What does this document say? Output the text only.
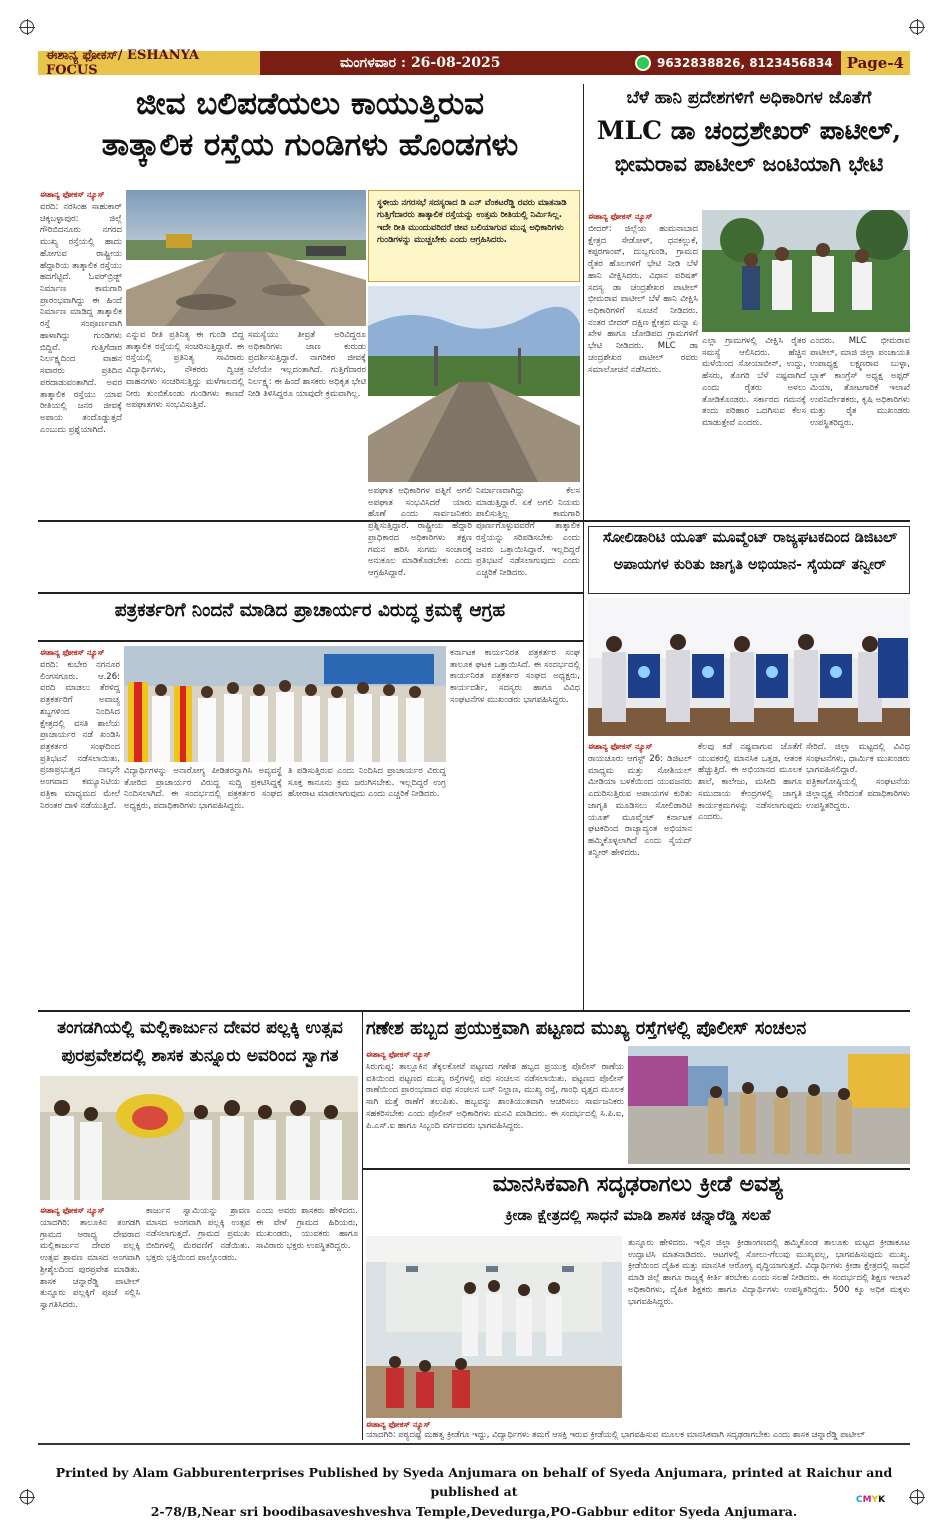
ಈಶಾನ್ಯ ಫೋಕಸ್/ ESHANYA FOCUS	ಮಂಗಳವಾರ : 26-08-2025	9632838826, 8123456834 Page-4
ಜೀವ ಬಲಿಪಡೆಯಲು ಕಾಯುತ್ತಿರುವ
ತಾತ್ಕಾಲಿಕ ರಸ್ತೆಯ ಗುಂಡಿಗಳು ಹೊಂಡಗಳು
ಈಶಾನ್ಯ ಫೋಕಸ್ ನ್ಯೂಸ್
ವರದಿ: ನರಸಿಂಹ ಸಾಹುಕಾರ್ ಚಿಕ್ಕಬಳ್ಳಾಪುರ: ಜಿಲ್ಲೆ ಗೌರಿಬಿದನೂರು ನಗರದ ಮುಖ್ಯ ರಸ್ತೆಯಲ್ಲಿ ಹಾದು ಹೋಗುವ ರಾಷ್ಟ್ರೀಯ ಹೆದ್ದಾರಿಯ ತಾತ್ಕಾಲಿಕ ರಸ್ತೆಯು ಹದಗೆಟ್ಟಿದೆ. ಓವರ್‌ಬ್ರಿಡ್ಜ್ ನಿರ್ಮಾಣ ಕಾಮಗಾರಿ ಪ್ರಾರಂಭವಾಗಿದ್ದು ಈ ಹಿಂದೆ ನಿರ್ಮಾಣ ಮಾಡಿದ್ದ ತಾತ್ಕಾಲಿಕ ರಸ್ತೆ ಸಂಪೂರ್ಣವಾಗಿ ಹಾಳಾಗಿದ್ದು ಗುಂಡಿಗಳು ಬಿದ್ದಿವೆ. ಗುತ್ತಿಗೆದಾರ ನಿರ್ಲಕ್ಷ್ಯದಿಂದ ವಾಹನ ಸವಾರರು ಪ್ರತಿದಿನ ಪರದಾಡುವಂತಾಗಿದೆ. ಅವರ ತಾತ್ಕಾಲಿಕ ರಸ್ತೆಯು ಯಾವ ರೀತಿಯಲ್ಲಿ ಜನರ ಜೀವಕ್ಕೆ ಅಪಾಯ ತಂದೊಡ್ಡುತ್ತದೆ ಎಂಬುದು ಪ್ರಶ್ನೆಯಾಗಿದೆ.
ಎನ್ನುವ ರೀತಿ ಪ್ರತಿನಿತ್ಯ ಈ ಗುಂಡಿ ಬಿದ್ದ ತಾತ್ಕಾಲಿಕ ರಸ್ತೆಯಲ್ಲಿ ಸಂಚರಿಸುತ್ತಿದ್ದಾರೆ. ಈ ರಸ್ತೆಯಲ್ಲಿ ಪ್ರತಿನಿತ್ಯ ಸಾವಿರಾರು ವಿದ್ಯಾರ್ಥಿಗಳು, ನೌಕರರು ದ್ವಿಚಕ್ರ ವಾಹನಗಳು ಸಂಚರಿಸುತ್ತಿದ್ದು ಮಳೆಗಾಲದಲ್ಲಿ ನೀರು ತುಂಬಿಕೊಂಡು ಗುಂಡಿಗಳು ಕಾಣದೆ ಅಪಘಾತಗಳು ಸಂಭವಿಸುತ್ತಿವೆ.
ಸಮಸ್ಯೆಯು ತೀವ್ರತೆ ಅರಿವಿದ್ದರೂ ಅಧಿಕಾರಿಗಳು ಜಾಣ ಕುರುಡು ಪ್ರದರ್ಶಿಸುತ್ತಿದ್ದಾರೆ. ನಾಗರಿಕರ ಜೀವಕ್ಕೆ ಬೆಲೆಯೇ ಇಲ್ಲದಂತಾಗಿದೆ. ಗುತ್ತಿಗೆದಾರರ ನಿರ್ಲಕ್ಷ್ಯ: ಈ ಹಿಂದೆ ಶಾಸಕರು ಅಧಿಕೃತ ಭೇಟಿ ನೀಡಿ ತಿಳಿಸಿದ್ದರೂ ಯಾವುದೇ ಕ್ರಮವಾಗಿಲ್ಲ.
ಸ್ಥಳೀಯ ನಗರಸಭೆ ಸದಸ್ಯರಾದ ಡಿ ಎನ್ ವೆಂಕಟರೆಡ್ಡಿ ರವರು ಮಾತನಾಡಿ ಗುತ್ತಿಗೆದಾರರು ತಾತ್ಕಾಲಿಕ ರಸ್ತೆಯನ್ನು ಉತ್ತಮ ರೀತಿಯಲ್ಲಿ ನಿರ್ಮಿಸಿಲ್ಲ. ಇದೇ ರೀತಿ ಮುಂದುವರಿದರೆ ಜೀವ ಬಲಿಯಾಗುವ ಮುನ್ನ ಅಧಿಕಾರಿಗಳು ಗುಂಡಿಗಳನ್ನು ಮುಚ್ಚಬೇಕು ಎಂದು ಆಗ್ರಹಿಸಿದರು.
ಅಪಘಾತ ಅಧಿಕಾರಿಗಳ ಪತ್ನಿಗೆ ಅಗಲಿ ಅಪಘಾತ ಸಂಭವಿಸಿದರೆ ಯಾರು ಹೊಣೆ ಎಂದು ಸಾರ್ವಜನಿಕರು ಪ್ರಶ್ನಿಸುತ್ತಿದ್ದಾರೆ. ರಾಷ್ಟ್ರೀಯ ಹೆದ್ದಾರಿ ಪ್ರಾಧಿಕಾರದ ಅಧಿಕಾರಿಗಳು ತಕ್ಷಣ ಗಮನ ಹರಿಸಿ ಸುಗಮ ಸಂಚಾರಕ್ಕೆ ಅನುಕೂಲ ಮಾಡಿಕೊಡಬೇಕು ಎಂದು ಆಗ್ರಹಿಸಿದ್ದಾರೆ.
ನಿರ್ಮಾಣವಾಗಿದ್ದು ಕೆಲಸ ಮಾಡುತ್ತಿದ್ದಾರೆ. ಏಕೆ ಅಗಲಿ ನಿಯಮ ಪಾಲಿಸುತ್ತಿಲ್ಲ ಕಾಮಗಾರಿ ಪೂರ್ಣಗೊಳ್ಳುವವರೆಗೆ ತಾತ್ಕಾಲಿಕ ರಸ್ತೆಯನ್ನು ಸರಿಪಡಿಸಬೇಕು ಎಂದು ಜನರು ಒತ್ತಾಯಿಸಿದ್ದಾರೆ. ಇಲ್ಲದಿದ್ದರೆ ಪ್ರತಿಭಟನೆ ನಡೆಸಲಾಗುವುದು ಎಂದು ಎಚ್ಚರಿಕೆ ನೀಡಿದರು.
ಬೆಳೆ ಹಾನಿ ಪ್ರದೇಶಗಳಿಗೆ ಅಧಿಕಾರಿಗಳ ಜೊತೆಗೆ
MLC ಡಾ ಚಂದ್ರಶೇಖರ್ ಪಾಟೀಲ್,
ಭೀಮರಾವ ಪಾಟೀಲ್ ಜಂಟಿಯಾಗಿ ಭೇಟಿ
ಈಶಾನ್ಯ ಫೋಕಸ್ ನ್ಯೂಸ್
ಬೀದರ್: ಜಿಲ್ಲೆಯ ಹುಮನಾಬಾದ ಕ್ಷೇತ್ರದ ಸೇಡೋಳ್, ಧನಕಲ್ಲುಕೆ, ಕಪ್ಪರಗಾಂವ್, ದುಬ್ಲಗುಂಡಿ, ಗ್ರಾಮದ ರೈತರ ಹೊಲಗಳಿಗೆ ಭೇಟಿ ನೀಡಿ ಬೆಳೆ ಹಾನಿ ವೀಕ್ಷಿಸಿದರು. ವಿಧಾನ ಪರಿಷತ್ ಸದಸ್ಯ ಡಾ ಚಂದ್ರಶೇಖರ ಪಾಟೀಲ್ ಭೀಮರಾವ ಪಾಟೀಲ್ ಬೆಳೆ ಹಾನಿ ವೀಕ್ಷಿಸಿ ಅಧಿಕಾರಿಗಳಿಗೆ ಸೂಚನೆ ನೀಡಿದರು. ನಂತರ ಬೀದರ್ ದಕ್ಷಿಣ ಕ್ಷೇತ್ರದ ಮನ್ನಾ ಏ ಖೇಳ ಹಾಗೂ ಜೋಡಿಪದ ಗ್ರಾಮಗಳಿಗೆ ಭೇಟಿ ನೀಡಿದರು. MLC ಡಾ ಚಂದ್ರಶೇಖರ ಪಾಟೀಲ್ ರವರು ಸಮಾಲೋಚನೆ ನಡೆಸಿದರು.
ಎಲ್ಲಾ ಗ್ರಾಮಗಳಲ್ಲಿ ವೀಕ್ಷಿಸಿ ರೈತರ ಸಮಸ್ಯೆ ಆಲಿಸಿದರು. ಹೆಚ್ಚಿನ ಮಳೆಯಿಂದ ಸೋಯಾಬೀನ್, ಉದ್ದು, ಹೆಸರು, ತೊಗರಿ ಬೆಳೆ ನಷ್ಟವಾಗಿದೆ ಎಂದು ರೈತರು ಅಳಲು ತೋಡಿಕೊಂಡರು. ಸರ್ಕಾರದ ಗಮನಕ್ಕೆ ತಂದು ಪರಿಹಾರ ಒದಗಿಸುವ ಕೆಲಸ ಮಾಡುತ್ತೇವೆ ಎಂದರು.
ಎಂದರು. MLC ಭೀಮರಾವ ಪಾಟೀಲ್, ಮಾಜಿ ಜಿಲ್ಲಾ ಪಂಚಾಯತಿ ಉಪಾಧ್ಯಕ್ಷ ಲಕ್ಷ್ಮಣರಾವ ಬುಳ್ಳಾ, ಬ್ಲಾಕ್ ಕಾಂಗ್ರೆಸ್ ಅಧ್ಯಕ್ಷ ಅಫ್ಸರ್ ಮಿಯಾ, ತೋಟಗಾರಿಕೆ ಇಲಾಖೆ ಉಪನಿರ್ದೇಶಕರು, ಕೃಷಿ ಅಧಿಕಾರಿಗಳು ಮತ್ತು ರೈತ ಮುಖಂಡರು ಉಪಸ್ಥಿತರಿದ್ದರು.
ಪತ್ರಕರ್ತರಿಗೆ ನಿಂದನೆ ಮಾಡಿದ ಪ್ರಾಚಾರ್ಯರ ವಿರುದ್ಧ ಕ್ರಮಕ್ಕೆ ಆಗ್ರಹ
ಈಶಾನ್ಯ ಫೋಕಸ್ ನ್ಯೂಸ್
ವರದಿ: ಕುಬೇರ ನಗನೂರ ಲಿಂಗಸಗೂರು. ಆ.26: ವರದಿ ಮಾಡಲು ತೆರಳಿದ್ದ ಪತ್ರಕರ್ತರಿಗೆ ಅವಾಚ್ಯ ಶಬ್ದಗಳಿಂದ ನಿಂದಿಸಿದ ಕ್ಷೇತ್ರದಲ್ಲಿ ವಸತಿ ಶಾಲೆಯ ಪ್ರಾಚಾರ್ಯರ ನಡೆ ಖಂಡಿಸಿ ಪತ್ರಕರ್ತರ ಸಂಘದಿಂದ ಪ್ರತಿಭಟನೆ ನಡೆಸಲಾಯಿತು. ಪ್ರಜಾಪ್ರಭುತ್ವದ ನಾಲ್ಕನೇ ಅಂಗವಾದ ಕಮ್ಯೂನಿಟಿಯ ಪತ್ರಿಕಾ ಮಾಧ್ಯಮದ ಮೇಲೆ ನಿರಂತರ ದಾಳಿ ನಡೆಯುತ್ತಿದೆ.
ವಿದ್ಯಾರ್ಥಿಗಳನ್ನು ಅನಾರೋಗ್ಯ ಪೀಡಿತರನ್ನಾಗಿಸಿ ಅವ್ಯವಸ್ಥೆ ತೋರಿದ ಪ್ರಾಚಾರ್ಯರ ವಿರುದ್ಧ ಸುದ್ದಿ ಪ್ರಕಟಿಸಿದ್ದಕ್ಕೆ ನಿಂದಿಸಲಾಗಿದೆ. ಈ ಸಂದರ್ಭದಲ್ಲಿ ಪತ್ರಕರ್ತರ ಸಂಘದ ಅಧ್ಯಕ್ಷರು, ಪದಾಧಿಕಾರಿಗಳು ಭಾಗವಹಿಸಿದ್ದರು.
ತಿ ಪಡಿಸುತ್ತಿರುವ ಎಂದು ನಿಂದಿಸಿದ ಪ್ರಾಚಾರ್ಯರ ವಿರುದ್ಧ ಸೂಕ್ತ ಕಾನೂನು ಕ್ರಮ ಜರುಗಿಸಬೇಕು. ಇಲ್ಲದಿದ್ದರೆ ಉಗ್ರ ಹೋರಾಟ ಮಾಡಲಾಗುವುದು ಎಂದು ಎಚ್ಚರಿಕೆ ನೀಡಿದರು.
ಕರ್ನಾಟಕ ಕಾರ್ಯನಿರತ ಪತ್ರಕರ್ತರ ಸಂಘ ತಾಲೂಕ ಘಟಕ ಒತ್ತಾಯಿಸಿದೆ. ಈ ಸಂದರ್ಭದಲ್ಲಿ ಕಾರ್ಯನಿರತ ಪತ್ರಕರ್ತರ ಸಂಘದ ಅಧ್ಯಕ್ಷರು, ಕಾರ್ಯದರ್ಶಿ, ಸದಸ್ಯರು ಹಾಗೂ ವಿವಿಧ ಸಂಘಟನೆಗಳ ಮುಖಂಡರು ಭಾಗವಹಿಸಿದ್ದರು.
ಸೋಲಿಡಾರಿಟಿ ಯೂತ್ ಮೂವ್ಮೆಂಟ್ ರಾಜ್ಯಘಟಕದಿಂದ ಡಿಜಿಟಲ್
ಅಪಾಯಗಳ ಕುರಿತು ಜಾಗೃತಿ ಅಭಿಯಾನ- ಸೈಯದ್ ತನ್ವೀರ್
ಈಶಾನ್ಯ ಫೋಕಸ್ ನ್ಯೂಸ್
ರಾಯಚೂರು ಆಗಸ್ಟ್ 26: ಡಿಜಿಟಲ್ ಮಾಧ್ಯಮ ಮತ್ತು ಸೋಶಿಯಲ್ ಮೀಡಿಯಾ ಬಳಕೆಯಿಂದ ಯುವಜನರು ಎದುರಿಸುತ್ತಿರುವ ಅಪಾಯಗಳ ಕುರಿತು ಜಾಗೃತಿ ಮೂಡಿಸಲು ಸೋಲಿಡಾರಿಟಿ ಯೂತ್ ಮೂವ್ಮೆಂಟ್ ಕರ್ನಾಟಕ ಘಟಕದಿಂದ ರಾಜ್ಯಾದ್ಯಂತ ಅಭಿಯಾನ ಹಮ್ಮಿಕೊಳ್ಳಲಾಗಿದೆ ಎಂದು ಸೈಯದ್ ತನ್ವೀರ್ ಹೇಳಿದರು.
ಕೆಲವು ಕಡೆ ನಷ್ಟವಾಗುವ ಜೊತೆಗೆ ಯುವಕರಲ್ಲಿ ಮಾನಸಿಕ ಒತ್ತಡ, ಆತಂಕ ಹೆಚ್ಚುತ್ತಿದೆ. ಈ ಅಭಿಯಾನದ ಮೂಲಕ ಶಾಲೆ, ಕಾಲೇಜು, ಮಸೀದಿ ಹಾಗೂ ಸಮುದಾಯ ಕೇಂದ್ರಗಳಲ್ಲಿ ಜಾಗೃತಿ ಕಾರ್ಯಕ್ರಮಗಳನ್ನು ನಡೆಸಲಾಗುವುದು ಎಂದರು.
ಸೇರಿದೆ. ಜಿಲ್ಲಾ ಮಟ್ಟದಲ್ಲಿ ವಿವಿಧ ಸಂಘಟನೆಗಳು, ಧಾರ್ಮಿಕ ಮುಖಂಡರು ಭಾಗವಹಿಸಲಿದ್ದಾರೆ. ಪತ್ರಿಕಾಗೋಷ್ಠಿಯಲ್ಲಿ ಸಂಘಟನೆಯ ಜಿಲ್ಲಾಧ್ಯಕ್ಷ ಸೇರಿದಂತೆ ಪದಾಧಿಕಾರಿಗಳು ಉಪಸ್ಥಿತರಿದ್ದರು.
ತಂಗಡಗಿಯಲ್ಲಿ ಮಲ್ಲಿಕಾರ್ಜುನ ದೇವರ ಪಲ್ಲಕ್ಕಿ ಉತ್ಸವ
ಪುರಪ್ರವೇಶದಲ್ಲಿ ಶಾಸಕ ತುನ್ನೂರು ಅವರಿಂದ ಸ್ವಾಗತ
ಈಶಾನ್ಯ ಫೋಕಸ್ ನ್ಯೂಸ್
ಯಾದಗಿರಿ: ತಾಲೂಕಿನ ತಂಗಡಗಿ ಗ್ರಾಮದ ಆರಾಧ್ಯ ದೇವರಾದ ಮಲ್ಲಿಕಾರ್ಜುನ ದೇವರ ಪಲ್ಲಕ್ಕಿ ಉತ್ಸವ ಶ್ರಾವಣ ಮಾಸದ ಅಂಗವಾಗಿ ಶ್ರೀಶೈಲದಿಂದ ಪುರಪ್ರವೇಶ ಮಾಡಿತು. ಶಾಸಕ ಚನ್ನಾರೆಡ್ಡಿ ಪಾಟೀಲ್ ತುನ್ನೂರು ಪಲ್ಲಕ್ಕಿಗೆ ಪೂಜೆ ಸಲ್ಲಿಸಿ ಸ್ವಾಗತಿಸಿದರು.
ಕಾರ್ಜುನ ಸ್ವಾಮಿಯನ್ನು ಶ್ರಾವಣ ಮಾಸದ ಅಂಗವಾಗಿ ಪಲ್ಲಕ್ಕಿ ಉತ್ಸವ ನಡೆಸಲಾಗುತ್ತದೆ. ಗ್ರಾಮದ ಪ್ರಮುಖ ಬೀದಿಗಳಲ್ಲಿ ಮೆರವಣಿಗೆ ನಡೆಯಿತು. ಭಕ್ತರು ಭಕ್ತಿಯಿಂದ ಪಾಲ್ಗೊಂಡರು.
ಎಂದು ಅವರು ಶಾಸಕರು ಹೇಳಿದರು. ಈ ವೇಳೆ ಗ್ರಾಮದ ಹಿರಿಯರು, ಮುಖಂಡರು, ಯುವಕರು ಹಾಗೂ ಸಾವಿರಾರು ಭಕ್ತರು ಉಪಸ್ಥಿತರಿದ್ದರು.
ಗಣೇಶ ಹಬ್ಬದ ಪ್ರಯುಕ್ತವಾಗಿ ಪಟ್ಟಣದ ಮುಖ್ಯ ರಸ್ತೆಗಳಲ್ಲಿ ಪೊಲೀಸ್ ಸಂಚಲನ
ಈಶಾನ್ಯ ಫೋಕಸ್ ನ್ಯೂಸ್
ಸಿರುಗುಪ್ಪ: ತಾಲ್ಲೂಕಿನ ತೆಕ್ಕಲಕೋಟೆ ಪಟ್ಟಣದ ಗಣೇಶ ಹಬ್ಬದ ಪ್ರಯುಕ್ತ ಪೊಲೀಸ್ ಠಾಣೆಯ ವತಿಯಿಂದ ಪಟ್ಟಣದ ಮುಖ್ಯ ರಸ್ತೆಗಳಲ್ಲಿ ಪಥ ಸಂಚಲನ ನಡೆಸಲಾಯಿತು. ಪಟ್ಟಣದ ಪೊಲೀಸ್ ಠಾಣೆಯಿಂದ ಪ್ರಾರಂಭವಾದ ಪಥ ಸಂಚಲನ ಬಸ್ ನಿಲ್ದಾಣ, ಮುಖ್ಯ ರಸ್ತೆ, ಗಾಂಧಿ ವೃತ್ತದ ಮೂಲಕ ಸಾಗಿ ಮತ್ತೆ ಠಾಣೆಗೆ ತಲುಪಿತು. ಹಬ್ಬವನ್ನು ಶಾಂತಿಯುತವಾಗಿ ಆಚರಿಸಲು ಸಾರ್ವಜನಿಕರು ಸಹಕರಿಸಬೇಕು ಎಂದು ಪೊಲೀಸ್ ಅಧಿಕಾರಿಗಳು ಮನವಿ ಮಾಡಿದರು. ಈ ಸಂದರ್ಭದಲ್ಲಿ ಸಿ.ಪಿ.ಐ, ಪಿ.ಎಸ್.ಐ ಹಾಗೂ ಸಿಬ್ಬಂದಿ ವರ್ಗದವರು ಭಾಗವಹಿಸಿದ್ದರು.
ಮಾನಸಿಕವಾಗಿ ಸದೃಢರಾಗಲು ಕ್ರೀಡೆ ಅವಶ್ಯ
ಕ್ರೀಡಾ ಕ್ಷೇತ್ರದಲ್ಲಿ ಸಾಧನೆ ಮಾಡಿ ಶಾಸಕ ಚನ್ನಾರೆಡ್ಡಿ ಸಲಹೆ
ಈಶಾನ್ಯ ಫೋಕಸ್ ನ್ಯೂಸ್
ಯಾದಗಿರಿ: ಪಠ್ಯದಷ್ಟೆ ಮಹತ್ವ ಕ್ರೀಡೆಗೂ ಇದ್ದು, ವಿದ್ಯಾರ್ಥಿಗಳು ತಮಗೆ ಆಸಕ್ತಿ ಇರುವ ಕ್ರೀಡೆಯಲ್ಲಿ ಭಾಗವಹಿಸುವ ಮೂಲಕ ಮಾನಸಿಕವಾಗಿ ಸದೃಢರಾಗಬೇಕು ಎಂದು ಶಾಸಕ ಚನ್ನಾರೆಡ್ಡಿ ಪಾಟೀಲ್
ತುನ್ನೂರು ಹೇಳಿದರು. ಇಲ್ಲಿನ ಜಿಲ್ಲಾ ಕ್ರೀಡಾಂಗಣದಲ್ಲಿ ಹಮ್ಮಿಕೊಂಡ ತಾಲೂಕು ಮಟ್ಟದ ಕ್ರೀಡಾಕೂಟ ಉದ್ಘಾಟಿಸಿ ಮಾತನಾಡಿದರು. ಆಟಗಳಲ್ಲಿ ಸೋಲು-ಗೆಲುವು ಮುಖ್ಯವಲ್ಲ, ಭಾಗವಹಿಸುವುದು ಮುಖ್ಯ. ಕ್ರೀಡೆಯಿಂದ ದೈಹಿಕ ಮತ್ತು ಮಾನಸಿಕ ಆರೋಗ್ಯ ವೃದ್ಧಿಯಾಗುತ್ತದೆ. ವಿದ್ಯಾರ್ಥಿಗಳು ಕ್ರೀಡಾ ಕ್ಷೇತ್ರದಲ್ಲಿ ಸಾಧನೆ ಮಾಡಿ ಜಿಲ್ಲೆ ಹಾಗೂ ರಾಜ್ಯಕ್ಕೆ ಕೀರ್ತಿ ತರಬೇಕು ಎಂದು ಸಲಹೆ ನೀಡಿದರು. ಈ ಸಂದರ್ಭದಲ್ಲಿ ಶಿಕ್ಷಣ ಇಲಾಖೆ ಅಧಿಕಾರಿಗಳು, ದೈಹಿಕ ಶಿಕ್ಷಕರು ಹಾಗೂ ವಿದ್ಯಾರ್ಥಿಗಳು ಉಪಸ್ಥಿತರಿದ್ದರು. 500 ಕ್ಕೂ ಅಧಿಕ ಮಕ್ಕಳು ಭಾಗವಹಿಸಿದ್ದರು.
Printed by Alam Gabburenterprises Published by Syeda Anjumara on behalf of Syeda Anjumara, printed at Raichur and published at
2-78/B,Near sri boodibasaveshveshva Temple,Devedurga,PO-Gabbur editor Syeda Anjumara.
CMYK
